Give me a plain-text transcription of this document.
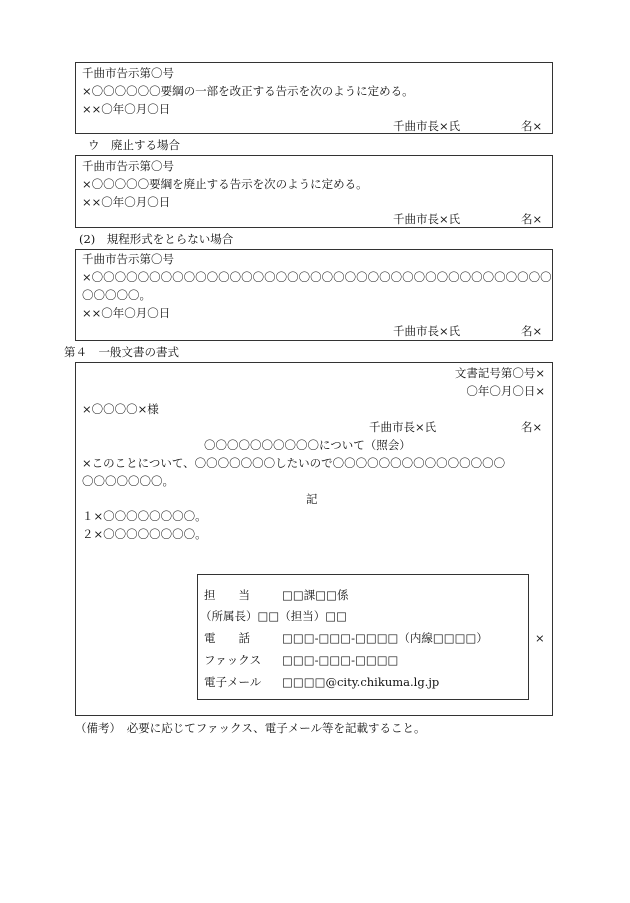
千曲市告示第〇号
×〇〇〇〇〇〇要綱の一部を改正する告示を次のように定める。
××〇年〇月〇日
千曲市長×氏	名×
ウ　廃止する場合
千曲市告示第〇号
×〇〇〇〇〇要綱を廃止する告示を次のように定める。
××〇年〇月〇日
千曲市長×氏	名×
(2)　規程形式をとらない場合
千曲市告示第〇号
×〇〇〇〇〇〇〇〇〇〇〇〇〇〇〇〇〇〇〇〇〇〇〇〇〇〇〇〇〇〇〇〇〇〇〇〇〇〇〇〇
〇〇〇〇〇。
××〇年〇月〇日
千曲市長×氏	名×
第４　一般文書の書式
文書記号第〇号×
〇年〇月〇日×
×〇〇〇〇×様
千曲市長×氏	名×
〇〇〇〇〇〇〇〇〇〇について（照会）
×このことについて、〇〇〇〇〇〇〇したいので〇〇〇〇〇〇〇〇〇〇〇〇〇〇〇
〇〇〇〇〇〇〇。
記
１×〇〇〇〇〇〇〇〇。
２×〇〇〇〇〇〇〇〇。
担　　当	□□課□□係
（所属長）□□（担当）□□
電　　話	□□□-□□□-□□□□（内線□□□□）
ファックス □□□-□□□-□□□□
電子メール □□□□@city.chikuma.lg.jp
×
（備考）　必要に応じてファックス、電子メール等を記載すること。
